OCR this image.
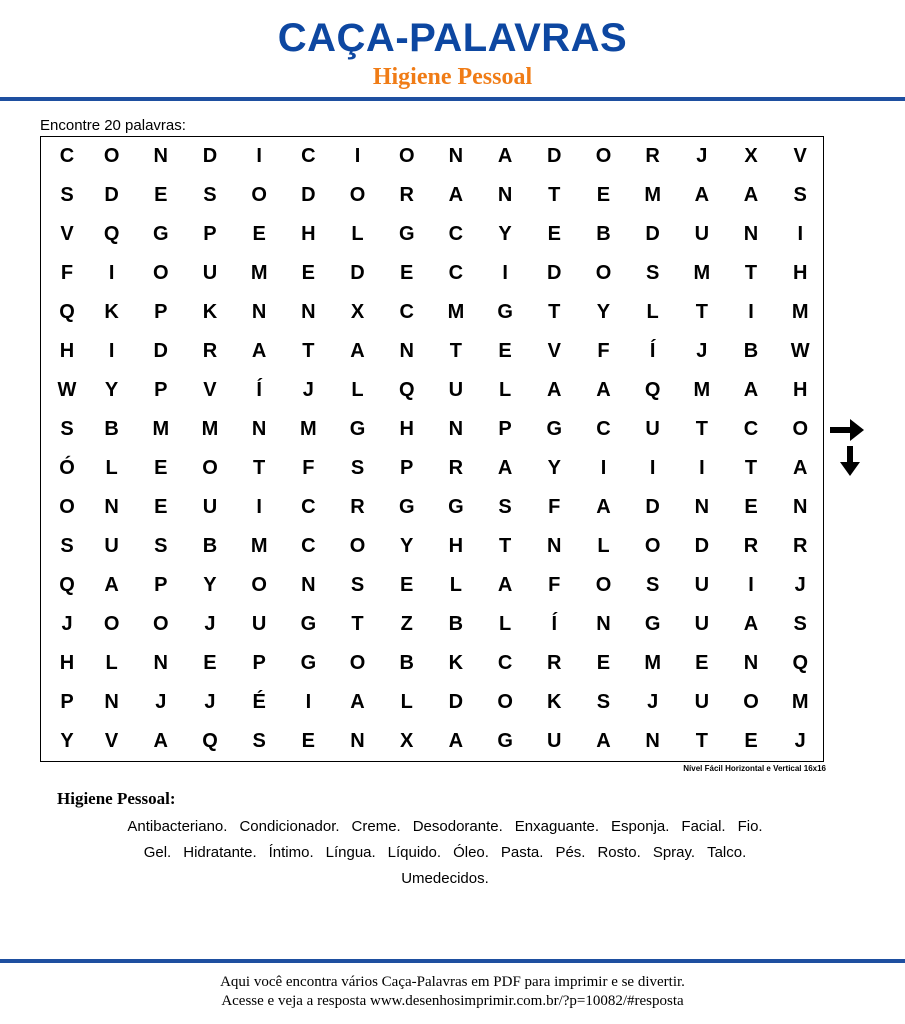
CAÇA-PALAVRAS
Higiene Pessoal
Encontre 20 palavras:
C	O	N	D	I	C	I	O	N	A	D	O	R	J	X	V
S	D	E	S	O	D	O	R	A	N	T	E	M	A	A	S
V	Q	G	P	E	H	L	G	C	Y	E	B	D	U	N	I
F	I	O	U	M	E	D	E	C	I	D	O	S	M	T	H
Q	K	P	K	N	N	X	C	M	G	T	Y	L	T	I	M
H	I	D	R	A	T	A	N	T	E	V	F	Í	J	B	W
W	Y	P	V	Í	J	L	Q	U	L	A	A	Q	M	A	H
S	B	M	M	N	M	G	H	N	P	G	C	U	T	C	O
Ó	L	E	O	T	F	S	P	R	A	Y	I	I	I	T	A
O	N	E	U	I	C	R	G	G	S	F	A	D	N	E	N
S	U	S	B	M	C	O	Y	H	T	N	L	O	D	R	R
Q	A	P	Y	O	N	S	E	L	A	F	O	S	U	I	J
J	O	O	J	U	G	T	Z	B	L	Í	N	G	U	A	S
H	L	N	E	P	G	O	B	K	C	R	E	M	E	N	Q
P	N	J	J	É	I	A	L	D	O	K	S	J	U	O	M
Y	V	A	Q	S	E	N	X	A	G	U	A	N	T	E	J
Nível Fácil Horizontal e Vertical 16x16
Higiene Pessoal:
Antibacteriano. Condicionador. Creme. Desodorante. Enxaguante. Esponja. Facial. Fio.
Gel. Hidratante. Íntimo. Língua. Líquido. Óleo. Pasta. Pés. Rosto. Spray. Talco.
Umedecidos.
Aqui você encontra vários Caça-Palavras em PDF para imprimir e se divertir.
Acesse e veja a resposta www.desenhosimprimir.com.br/?p=10082/#resposta
